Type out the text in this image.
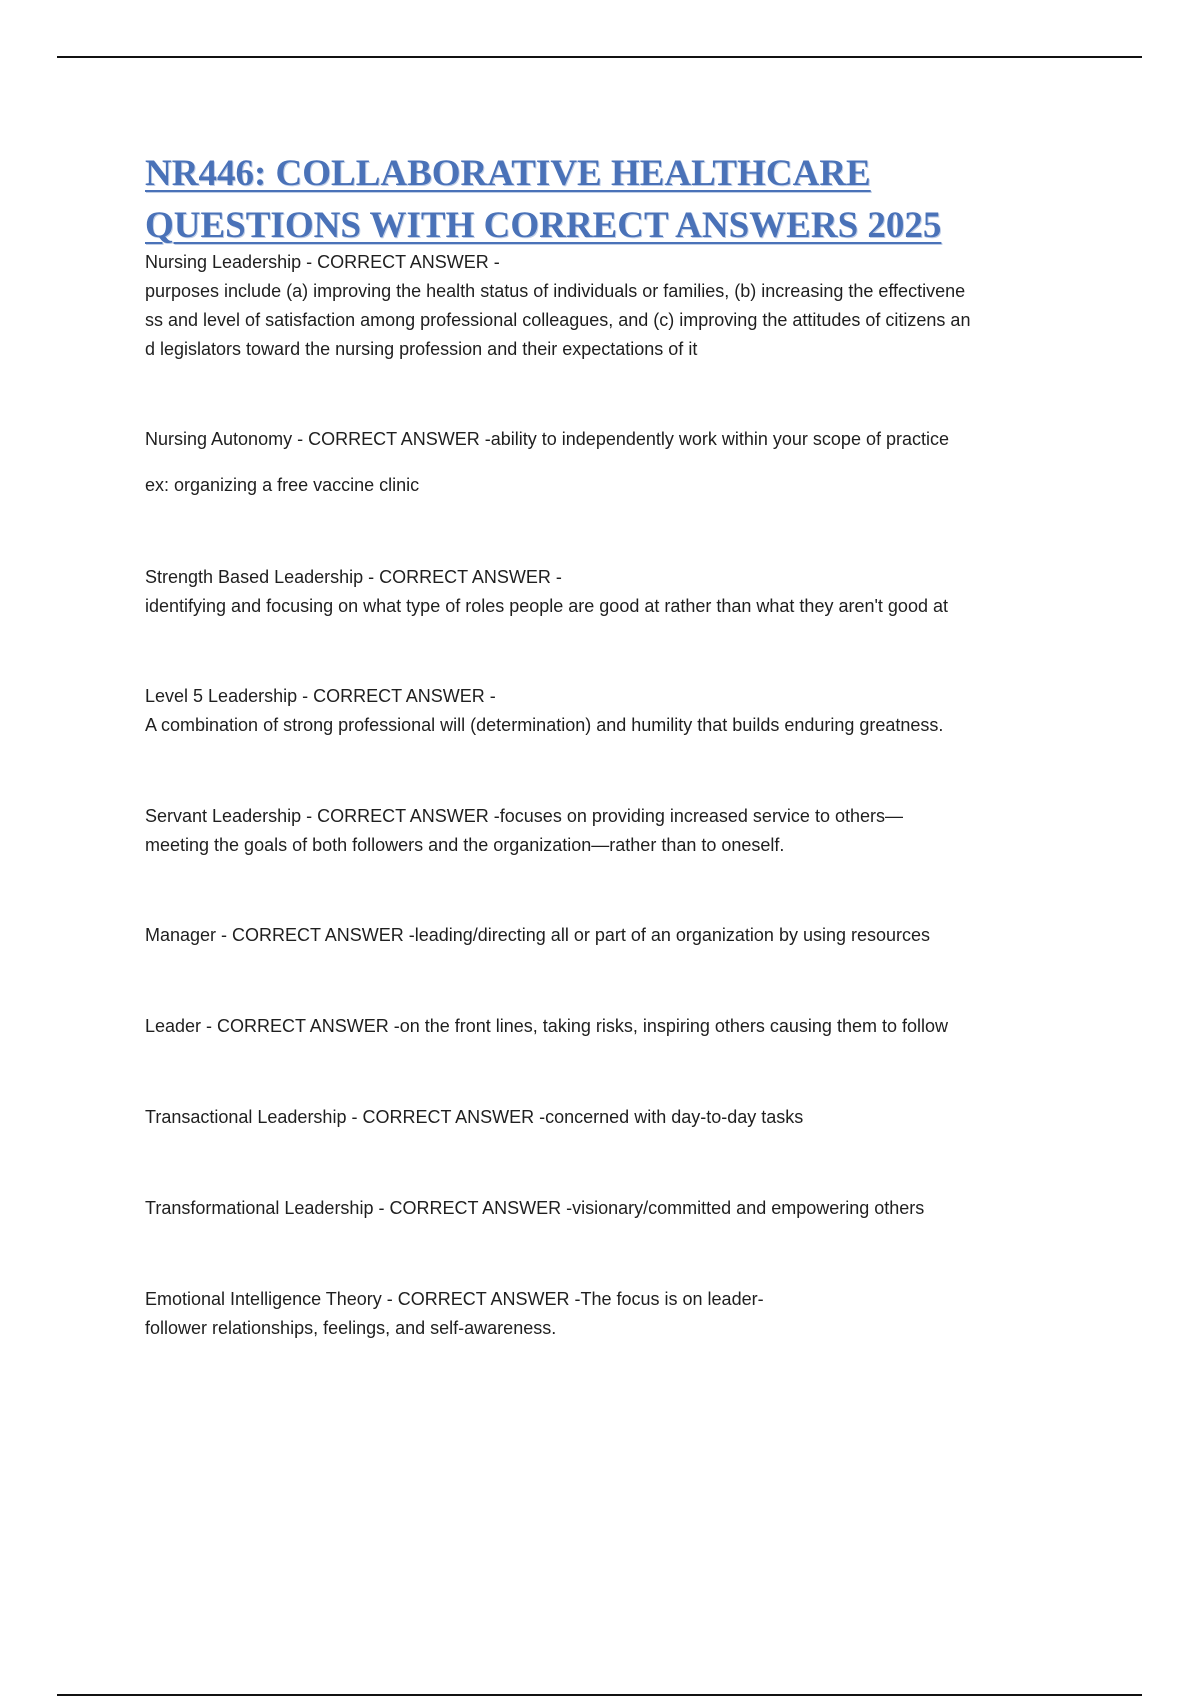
NR446: COLLABORATIVE HEALTHCARE
QUESTIONS WITH CORRECT ANSWERS 2025
Nursing Leadership - CORRECT ANSWER -
purposes include (a) improving the health status of individuals or families, (b) increasing the effectivene
ss and level of satisfaction among professional colleagues, and (c) improving the attitudes of citizens an
d legislators toward the nursing profession and their expectations of it
Nursing Autonomy - CORRECT ANSWER -ability to independently work within your scope of practice
ex: organizing a free vaccine clinic
Strength Based Leadership - CORRECT ANSWER -
identifying and focusing on what type of roles people are good at rather than what they aren't good at
Level 5 Leadership - CORRECT ANSWER -
A combination of strong professional will (determination) and humility that builds enduring greatness.
Servant Leadership - CORRECT ANSWER -focuses on providing increased service to others—
meeting the goals of both followers and the organization—rather than to oneself.
Manager - CORRECT ANSWER -leading/directing all or part of an organization by using resources
Leader - CORRECT ANSWER -on the front lines, taking risks, inspiring others causing them to follow
Transactional Leadership - CORRECT ANSWER -concerned with day-to-day tasks
Transformational Leadership - CORRECT ANSWER -visionary/committed and empowering others
Emotional Intelligence Theory - CORRECT ANSWER -The focus is on leader-
follower relationships, feelings, and self-awareness.
